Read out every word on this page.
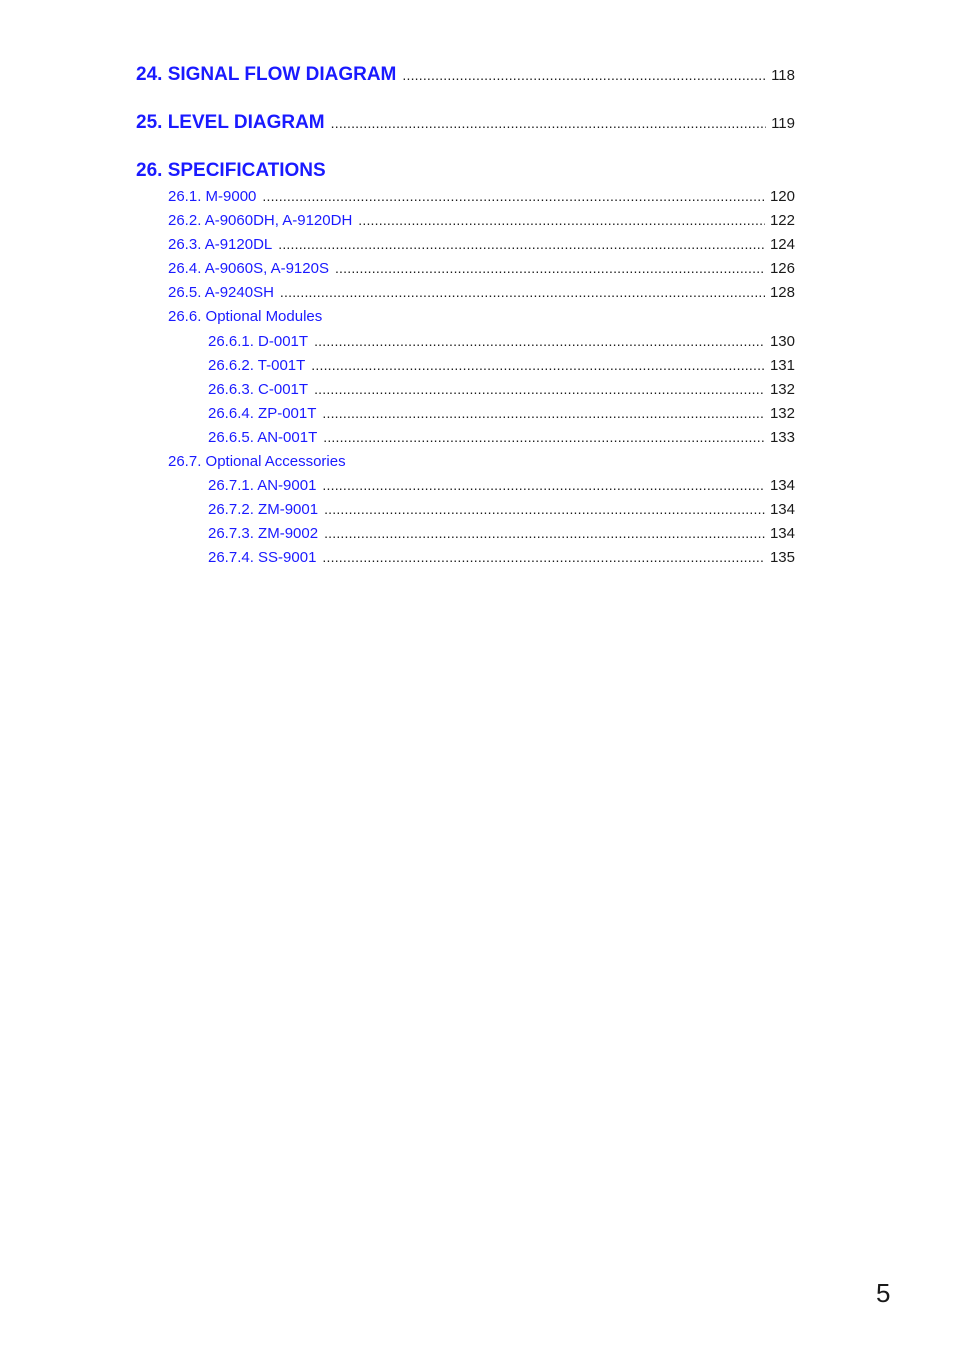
24. SIGNAL FLOW DIAGRAM .....	118
25. LEVEL DIAGRAM .....	119
26. SPECIFICATIONS
26.1. M-9000 .....	120
26.2. A-9060DH, A-9120DH .....	122
26.3. A-9120DL .....	124
26.4. A-9060S, A-9120S .....	126
26.5. A-9240SH .....	128
26.6. Optional Modules
26.6.1. D-001T .....	130
26.6.2. T-001T .....	131
26.6.3. C-001T .....	132
26.6.4. ZP-001T .....	132
26.6.5. AN-001T .....	133
26.7. Optional Accessories
26.7.1. AN-9001 .....	134
26.7.2. ZM-9001 .....	134
26.7.3. ZM-9002 .....	134
26.7.4. SS-9001 .....	135
5
